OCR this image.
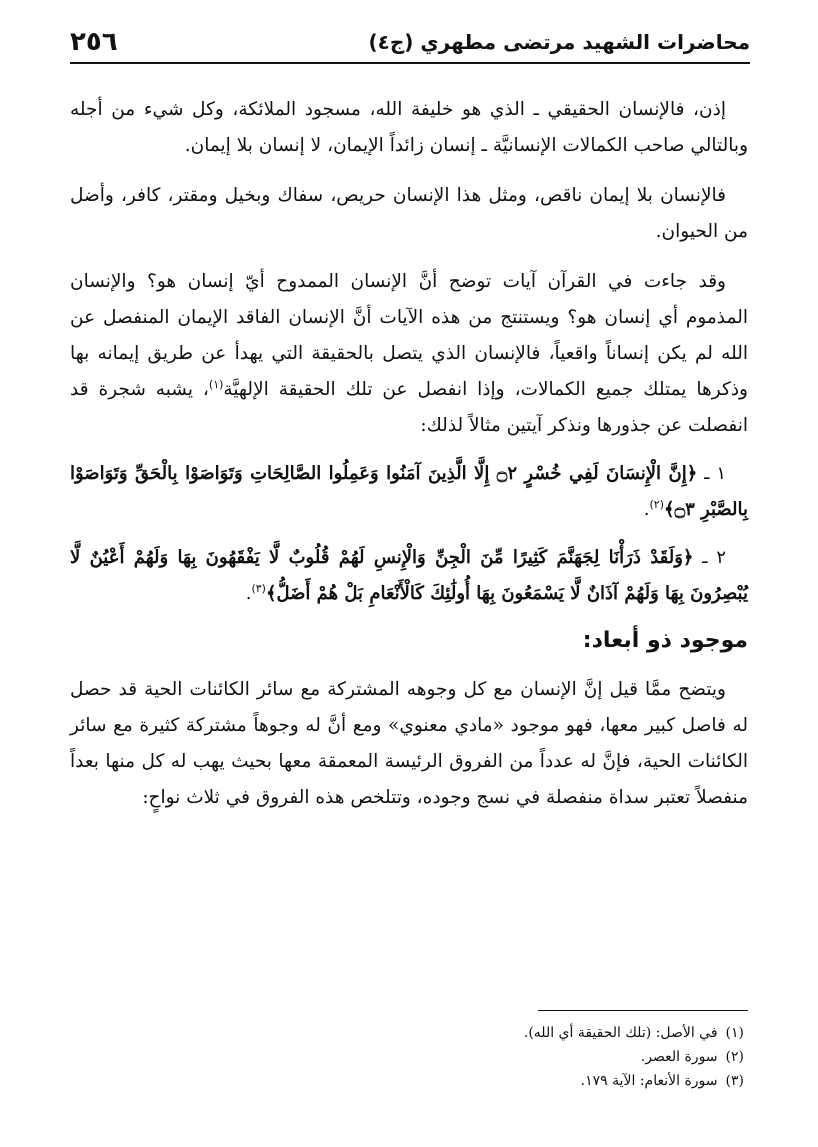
محاضرات الشهيد مرتضى مطهري (ج٤)
٢٥٦

إذن، فالإنسان الحقيقي ـ الذي هو خليفة الله، مسجود الملائكة، وكل شيء من أجله وبالتالي صاحب الكمالات الإنسانيَّة ـ إنسان زائداً الإيمان، لا إنسان بلا إيمان.

فالإنسان بلا إيمان ناقص، ومثل هذا الإنسان حريص، سفاك وبخيل ومقتر، كافر، وأضل من الحيوان.

وقد جاءت في القرآن آيات توضح أنَّ الإنسان الممدوح أيّ إنسان هو؟ والإنسان المذموم أي إنسان هو؟ ويستنتج من هذه الآيات أنَّ الإنسان الفاقد الإيمان المنفصل عن الله لم يكن إنساناً واقعياً، فالإنسان الذي يتصل بالحقيقة التي يهدأ عن طريق إيمانه بها وذكرها يمتلك جميع الكمالات، وإذا انفصل عن تلك الحقيقة الإلهيَّة$^{(١)}$، يشبه شجرة قد انفصلت عن جذورها ونذكر آيتين مثالاً لذلك:

١ ـ ﴿إِنَّ الْإِنسَانَ لَفِي خُسْرٍ ۝٢ إِلَّا الَّذِينَ آمَنُوا وَعَمِلُوا الصَّالِحَاتِ وَتَوَاصَوْا بِالْحَقِّ وَتَوَاصَوْا بِالصَّبْرِ ۝٣﴾$^{(٢)}$.

٢ ـ ﴿وَلَقَدْ ذَرَأْنَا لِجَهَنَّمَ كَثِيرًا مِّنَ الْجِنِّ وَالْإِنسِ لَهُمْ قُلُوبٌ لَّا يَفْقَهُونَ بِهَا وَلَهُمْ أَعْيُنٌ لَّا يُبْصِرُونَ بِهَا وَلَهُمْ آذَانٌ لَّا يَسْمَعُونَ بِهَا أُولَٰئِكَ كَالْأَنْعَامِ بَلْ هُمْ أَضَلُّ﴾$^{(٣)}$.

موجود ذو أبعاد:

ويتضح ممَّا قيل إنَّ الإنسان مع كل وجوهه المشتركة مع سائر الكائنات الحية قد حصل له فاصل كبير معها، فهو موجود «مادي معنوي» ومع أنَّ له وجوهاً مشتركة كثيرة مع سائر الكائنات الحية، فإنَّ له عدداً من الفروق الرئيسة المعمقة معها بحيث يهب له كل منها بعداً منفصلاً تعتبر سداة منفصلة في نسج وجوده، وتتلخص هذه الفروق في ثلاث نواحٍ:

(١)في الأصل: (تلك الحقيقة أي الله).
(٢)سورة العصر.
(٣)سورة الأنعام: الآية ١٧٩.
